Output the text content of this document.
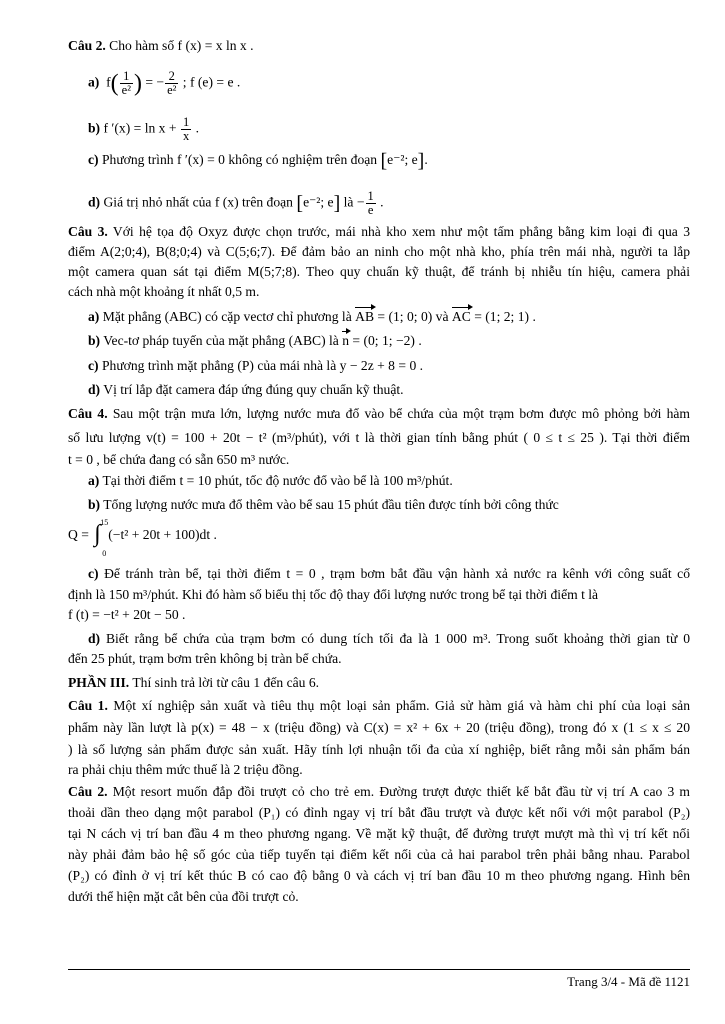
Câu 2. Cho hàm số f (x) = x ln x .
a) $f( \frac{1}{\text{e²}}$ ) = − $\frac{2}{\text{e²}}$ ; f (e) = e .
b) f $'(x) = \ln x + \frac{1}{x}$ .
c) Phương trình f ′(x) = 0 không có nghiệm trên đoạn [e⁻²; e].
d) Giá trị nhỏ nhất của f (x) trên đoạn [e⁻²; e] là − $\frac{1}{e}$ .
Câu 3. Với hệ tọa độ Oxyz được chọn trước, mái nhà kho xem như một tấm phẳng bằng kim loại đi qua 3
điểm A(2;0;4), B(8;0;4) và C(5;6;7). Để đảm bảo an ninh cho một nhà kho, phía trên mái nhà, người ta lắp
một camera quan sát tại điểm M(5;7;8). Theo quy chuẩn kỹ thuật, để tránh bị nhiễu tín hiệu, camera phải
cách nhà một khoảng ít nhất 0,5 m.
a) Mặt phẳng (ABC) có cặp vectơ chỉ phương là AB = (1; 0; 0) và AC = (1; 2; 1) .
b) Vec-tơ pháp tuyến của mặt phẳng (ABC) là n = (0; 1; −2) .
c) Phương trình mặt phẳng (P) của mái nhà là y − 2z + 8 = 0 .
d) Vị trí lắp đặt camera đáp ứng đúng quy chuẩn kỹ thuật.
Câu 4. Sau một trận mưa lớn, lượng nước mưa đổ vào bể chứa của một trạm bơm được mô phỏng bởi hàm
số lưu lượng v(t) = 100 + 20t − t² (m³/phút), với t là thời gian tính bằng phút ( 0 ≤ t ≤ 25 ). Tại thời điểm
t = 0 , bể chứa đang có sẵn 650 m³ nước.
a) Tại thời điểm t = 10 phút, tốc độ nước đổ vào bể là 100 m³/phút.
b) Tổng lượng nước mưa đổ thêm vào bể sau 15 phút đầu tiên được tính bởi công thức
Q = ∫ 15
0
(−t² + 20t + 100)dt .
c) Để tránh tràn bể, tại thời điểm t = 0 , trạm bơm bắt đầu vận hành xả nước ra kênh với công suất cố
định là 150 m³/phút. Khi đó hàm số biểu thị tốc độ thay đổi lượng nước trong bể tại thời điểm t là
f (t) = −t² + 20t − 50 .
d) Biết rằng bể chứa của trạm bơm có dung tích tối đa là 1 000 m³. Trong suốt khoảng thời gian từ 0
đến 25 phút, trạm bơm trên không bị tràn bể chứa.
PHẦN III. Thí sinh trả lời từ câu 1 đến câu 6.
Câu 1. Một xí nghiệp sản xuất và tiêu thụ một loại sản phẩm. Giả sử hàm giá và hàm chi phí của loại sản
phẩm này lần lượt là p(x) = 48 − x (triệu đồng) và C(x) = x² + 6x + 20 (triệu đồng), trong đó x (1 ≤ x ≤ 20
) là số lượng sản phẩm được sản xuất. Hãy tính lợi nhuận tối đa của xí nghiệp, biết rằng mỗi sản phẩm bán
ra phải chịu thêm mức thuế là 2 triệu đồng.
Câu 2. Một resort muốn đắp đồi trượt cỏ cho trẻ em. Đường trượt được thiết kế bắt đầu từ vị trí A cao 3 m
thoải dần theo dạng một parabol (P₁) có đỉnh ngay vị trí bắt đầu trượt và được kết nối với một parabol (P₂)
tại N cách vị trí ban đầu 4 m theo phương ngang. Về mặt kỹ thuật, để đường trượt mượt mà thì vị trí kết nối
này phải đảm bảo hệ số góc của tiếp tuyến tại điểm kết nối của cả hai parabol trên phải bằng nhau. Parabol
(P₂) có đỉnh ở vị trí kết thúc B có cao độ bằng 0 và cách vị trí ban đầu 10 m theo phương ngang. Hình bên
dưới thể hiện mặt cắt bên của đồi trượt cỏ.
Trang 3/4 - Mã đề 1121
